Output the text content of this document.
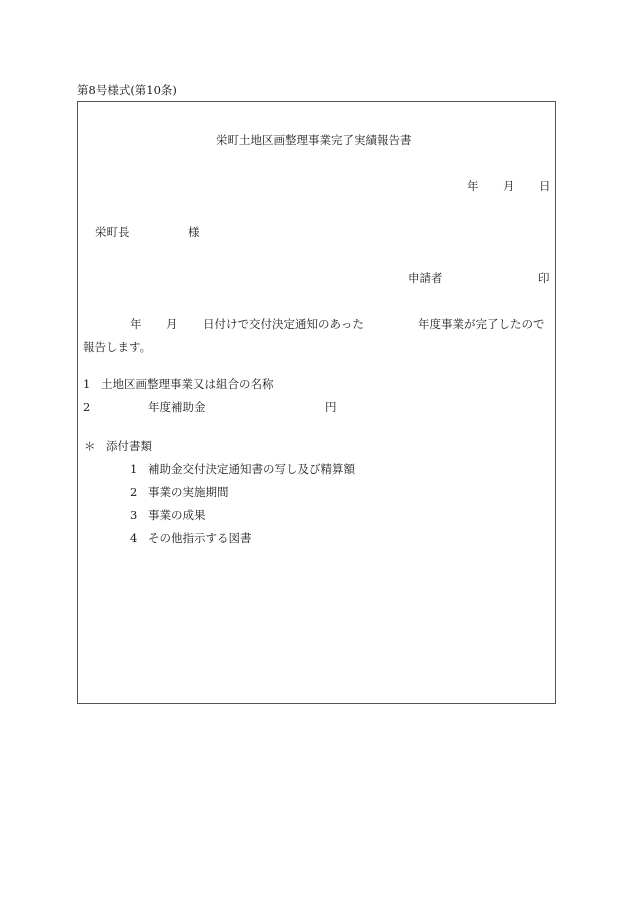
第8号様式(第10条)
栄町土地区画整理事業完了実績報告書
年 月 日
栄町長	様
申請者	印
年 月 日付けで交付決定通知のあった	年度事業が完了したので
報告します。
1 土地区画整理事業又は組合の名称
2	年度補助金	円
＊ 添付書類
1 補助金交付決定通知書の写し及び精算額
2 事業の実施期間
3 事業の成果
4 その他指示する図書
